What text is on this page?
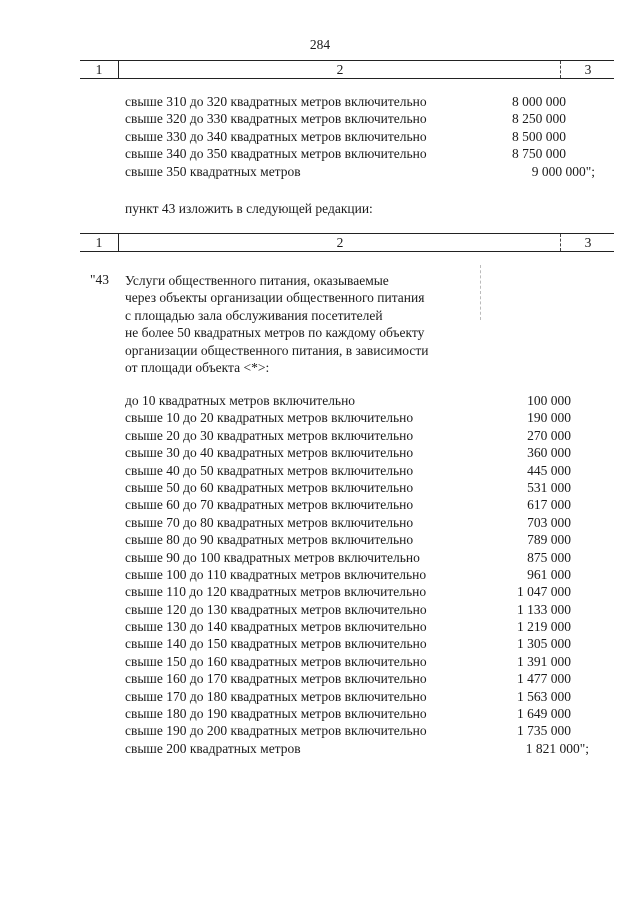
284
1	2	3
свыше 310 до 320 квадратных метров включительно	8 000 000
свыше 320 до 330 квадратных метров включительно	8 250 000
свыше 330 до 340 квадратных метров включительно	8 500 000
свыше 340 до 350 квадратных метров включительно	8 750 000
свыше 350 квадратных метров	9 000 000";
пункт 43 изложить в следующей редакции:
1	2	3
"43 Услуги общественного питания, оказываемые
через объекты организации общественного питания
с площадью зала обслуживания посетителей
не более 50 квадратных метров по каждому объекту
организации общественного питания, в зависимости
от площади объекта <*>:
до 10 квадратных метров включительно	100 000
свыше 10 до 20 квадратных метров включительно	190 000
свыше 20 до 30 квадратных метров включительно	270 000
свыше 30 до 40 квадратных метров включительно	360 000
свыше 40 до 50 квадратных метров включительно	445 000
свыше 50 до 60 квадратных метров включительно	531 000
свыше 60 до 70 квадратных метров включительно	617 000
свыше 70 до 80 квадратных метров включительно	703 000
свыше 80 до 90 квадратных метров включительно	789 000
свыше 90 до 100 квадратных метров включительно	875 000
свыше 100 до 110 квадратных метров включительно	961 000
свыше 110 до 120 квадратных метров включительно	1 047 000
свыше 120 до 130 квадратных метров включительно	1 133 000
свыше 130 до 140 квадратных метров включительно	1 219 000
свыше 140 до 150 квадратных метров включительно	1 305 000
свыше 150 до 160 квадратных метров включительно	1 391 000
свыше 160 до 170 квадратных метров включительно	1 477 000
свыше 170 до 180 квадратных метров включительно	1 563 000
свыше 180 до 190 квадратных метров включительно	1 649 000
свыше 190 до 200 квадратных метров включительно	1 735 000
свыше 200 квадратных метров	1 821 000";
